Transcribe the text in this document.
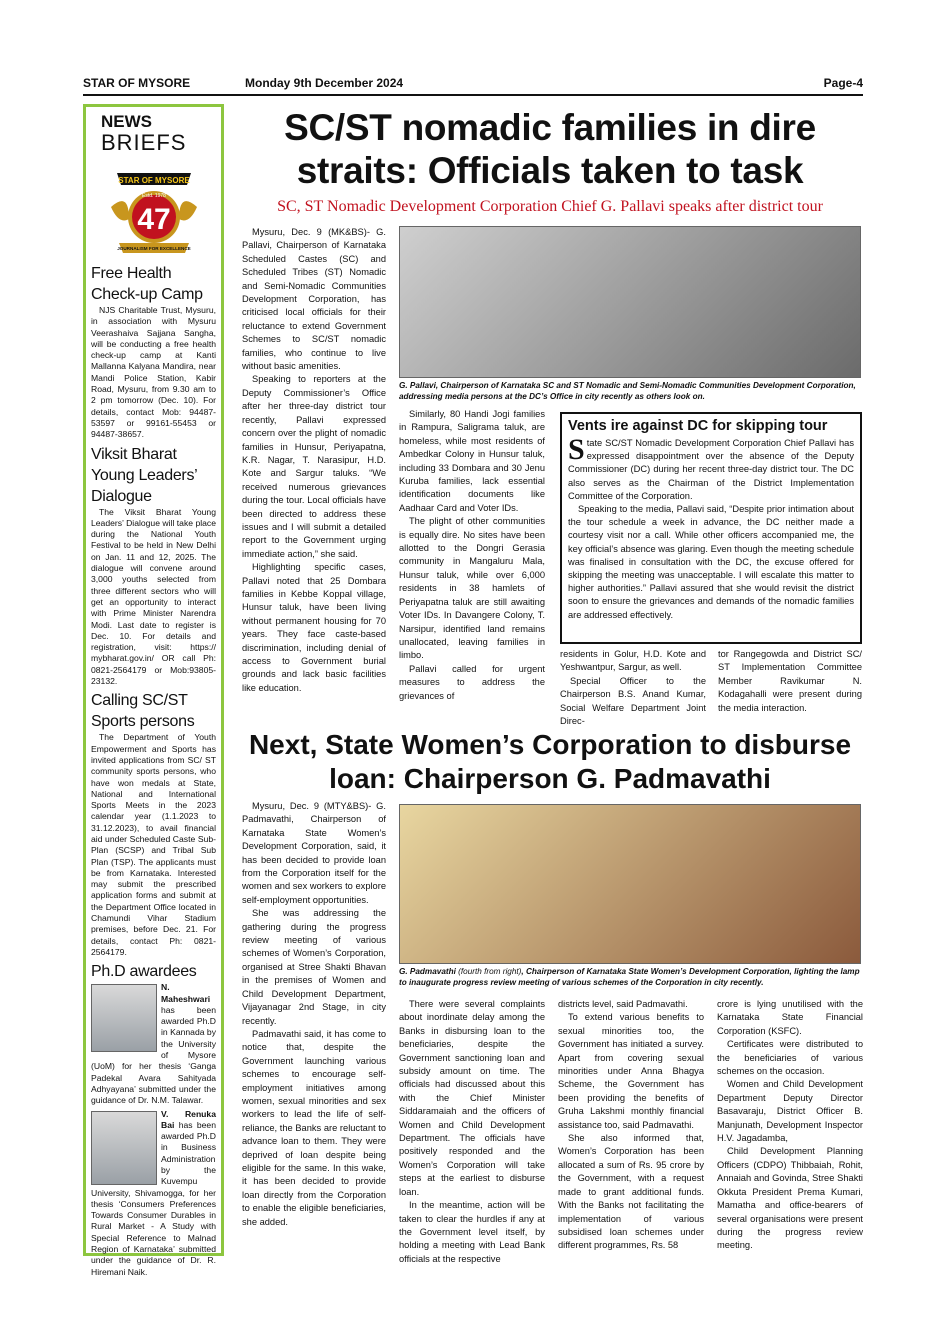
STAR OF MYSORE	Monday 9th December 2024	Page-4
NEWS
BRIEFS
STAR OF MYSORE
Estd. 1978
47
JOURNALISM FOR EXCELLENCE
Free Health Check-up Camp
NJS Charitable Trust, Mysuru, in association with Mysuru Veerashaiva Sajjana Sangha, will be conducting a free health check-up camp at Kanti Mallanna Kalyana Mandira, near Mandi Police Station, Kabir Road, Mysuru, from 9.30 am to 2 pm tomorrow (Dec. 10). For details, contact Mob: 94487-53597 or 99161-55453 or 94487-38657.
Viksit Bharat Young Leaders’ Dialogue
The Viksit Bharat Young Leaders’ Dialogue will take place during the National Youth Festival to be held in New Delhi on Jan. 11 and 12, 2025. The dialogue will convene around 3,000 youths selected from three different sectors who will get an opportunity to interact with Prime Minister Narendra Modi. Last date to register is Dec. 10. For details and registration, visit: https:// mybharat.gov.in/ OR call Ph: 0821-2564179 or Mob:93805-23132.
Calling SC/ST Sports persons
The Department of Youth Empowerment and Sports has invited applications from SC/ ST community sports persons, who have won medals at State, National and International Sports Meets in the 2023 calendar year (1.1.2023 to 31.12.2023), to avail financial aid under Scheduled Caste Sub-Plan (SCSP) and Tribal Sub Plan (TSP). The applicants must be from Karnataka. Interested may submit the prescribed application forms and submit at the Department Office located in Chamundi Vihar Stadium premises, before Dec. 21. For details, contact Ph: 0821-2564179.
Ph.D awardees
N. Maheshwari has been awarded Ph.D in Kannada by the University of Mysore (UoM) for her thesis ‘Ganga Padekal Avara Sahityada Adhyayana’ submitted under the guidance of Dr. N.M. Talawar.
V. Renuka Bai has been awarded Ph.D in Business Administration by the Kuvempu University, Shivamogga, for her thesis ‘Consumers Preferences Towards Consumer Durables in Rural Market - A Study with Special Reference to Malnad Region of Karnataka’ submitted under the guidance of Dr. R. Hiremani Naik.
SC/ST nomadic families in dire
straits: Officials taken to task
SC, ST Nomadic Development Corporation Chief G. Pallavi speaks after district tour

Mysuru, Dec. 9 (MK&BS)- G. Pallavi, Chairperson of Karnataka Scheduled Castes (SC) and Scheduled Tribes (ST) Nomadic and Semi-Nomadic Communities Development Corporation, has criticised local officials for their reluctance to extend Government Schemes to SC/ST nomadic families, who continue to live without basic amenities.

Speaking to reporters at the Deputy Commissioner’s Office after her three-day district tour recently, Pallavi expressed concern over the plight of nomadic families in Hunsur, Periyapatna, K.R. Nagar, T. Narasipur, H.D. Kote and Sargur taluks. “We received numerous grievances during the tour. Local officials have been directed to address these issues and I will submit a detailed report to the Government urging immediate action,” she said.

Highlighting specific cases, Pallavi noted that 25 Dombara families in Kebbe Koppal village, Hunsur taluk, have been living without permanent housing for 70 years. They face caste-based discrimination, including denial of access to Government burial grounds and lack basic facilities like education.

G. Pallavi, Chairperson of Karnataka SC and ST Nomadic and Semi-Nomadic Communities Development Corporation, addressing media persons at the DC’s Office in city recently as others look on.

Similarly, 80 Handi Jogi families in Rampura, Saligrama taluk, are homeless, while most residents of Ambedkar Colony in Hunsur taluk, including 33 Dombara and 30 Jenu Kuruba families, lack essential identification documents like Aadhaar Card and Voter IDs.

The plight of other communities is equally dire. No sites have been allotted to the Dongri Gerasia community in Mangaluru Mala, Hunsur taluk, while over 6,000 residents in 38 hamlets of Periyapatna taluk are still awaiting Voter IDs. In Davangere Colony, T. Narsipur, identified land remains unallocated, leaving families in limbo.

Pallavi called for urgent measures to address the grievances of

Vents ire against DC for skipping tour
State SC/ST Nomadic Development Corporation Chief Pallavi has expressed disappointment over the absence of the Deputy Commissioner (DC) during her recent three-day district tour. The DC also serves as the Chairman of the District Implementation Committee of the Corporation.
Speaking to the media, Pallavi said, “Despite prior intimation about the tour schedule a week in advance, the DC neither made a courtesy visit nor a call. While other officers accompanied me, the key official’s absence was glaring. Even though the meeting schedule was finalised in consultation with the DC, the excuse offered for skipping the meeting was unacceptable. I will escalate this matter to higher authorities.” Pallavi assured that she would revisit the district soon to ensure the grievances and demands of the nomadic families are addressed effectively.

residents in Golur, H.D. Kote and Yeshwantpur, Sargur, as well.

Special Officer to the Chairperson B.S. Anand Kumar, Social Welfare Department Joint Direc-

tor Rangegowda and District SC/ ST Implementation Committee Member Ravikumar N. Kodagahalli were present during the media interaction.
Next, State Women’s Corporation to disburse
loan: Chairperson G. Padmavathi

Mysuru, Dec. 9 (MTY&BS)- G. Padmavathi, Chairperson of Karnataka State Women’s Development Corporation, said, it has been decided to provide loan from the Corporation itself for the women and sex workers to explore self-employment opportunities.

She was addressing the gathering during the progress review meeting of various schemes of Women’s Corporation, organised at Stree Shakti Bhavan in the premises of Women and Child Development Department, Vijayanagar 2nd Stage, in city recently.

Padmavathi said, it has come to notice that, despite the Government launching various schemes to encourage self-employment initiatives among women, sexual minorities and sex workers to lead the life of self-reliance, the Banks are reluctant to advance loan to them. They were deprived of loan despite being eligible for the same. In this wake, it has been decided to provide loan directly from the Corporation to enable the eligible beneficiaries, she added.

G. Padmavathi (fourth from right), Chairperson of Karnataka State Women’s Development Corporation, lighting the lamp to inaugurate progress review meeting of various schemes of the Corporation in city recently.

There were several complaints about inordinate delay among the Banks in disbursing loan to the beneficiaries, despite the Government sanctioning loan and subsidy amount on time. The officials had discussed about this with the Chief Minister Siddaramaiah and the officers of Women and Child Development Department. The officials have positively responded and the Women’s Corporation will take steps at the earliest to disburse loan.

In the meantime, action will be taken to clear the hurdles if any at the Government level itself, by holding a meeting with Lead Bank officials at the respective

districts level, said Padmavathi.

To extend various benefits to sexual minorities too, the Government has initiated a survey. Apart from covering sexual minorities under Anna Bhagya Scheme, the Government has been providing the benefits of Gruha Lakshmi monthly financial assistance too, said Padmavathi.

She also informed that, Women’s Corporation has been allocated a sum of Rs. 95 crore by the Government, with a request made to grant additional funds. With the Banks not facilitating the implementation of various subsidised loan schemes under different programmes, Rs. 58

crore is lying unutilised with the Karnataka State Financial Corporation (KSFC).

Certificates were distributed to the beneficiaries of various schemes on the occasion.

Women and Child Development Department Deputy Director Basavaraju, District Officer B. Manjunath, Development Inspector H.V. Jagadamba,

Child Development Planning Officers (CDPO) Thibbaiah, Rohit, Annaiah and Govinda, Stree Shakti Okkuta President Prema Kumari, Mamatha and office-bearers of several organisations were present during the progress review meeting.
